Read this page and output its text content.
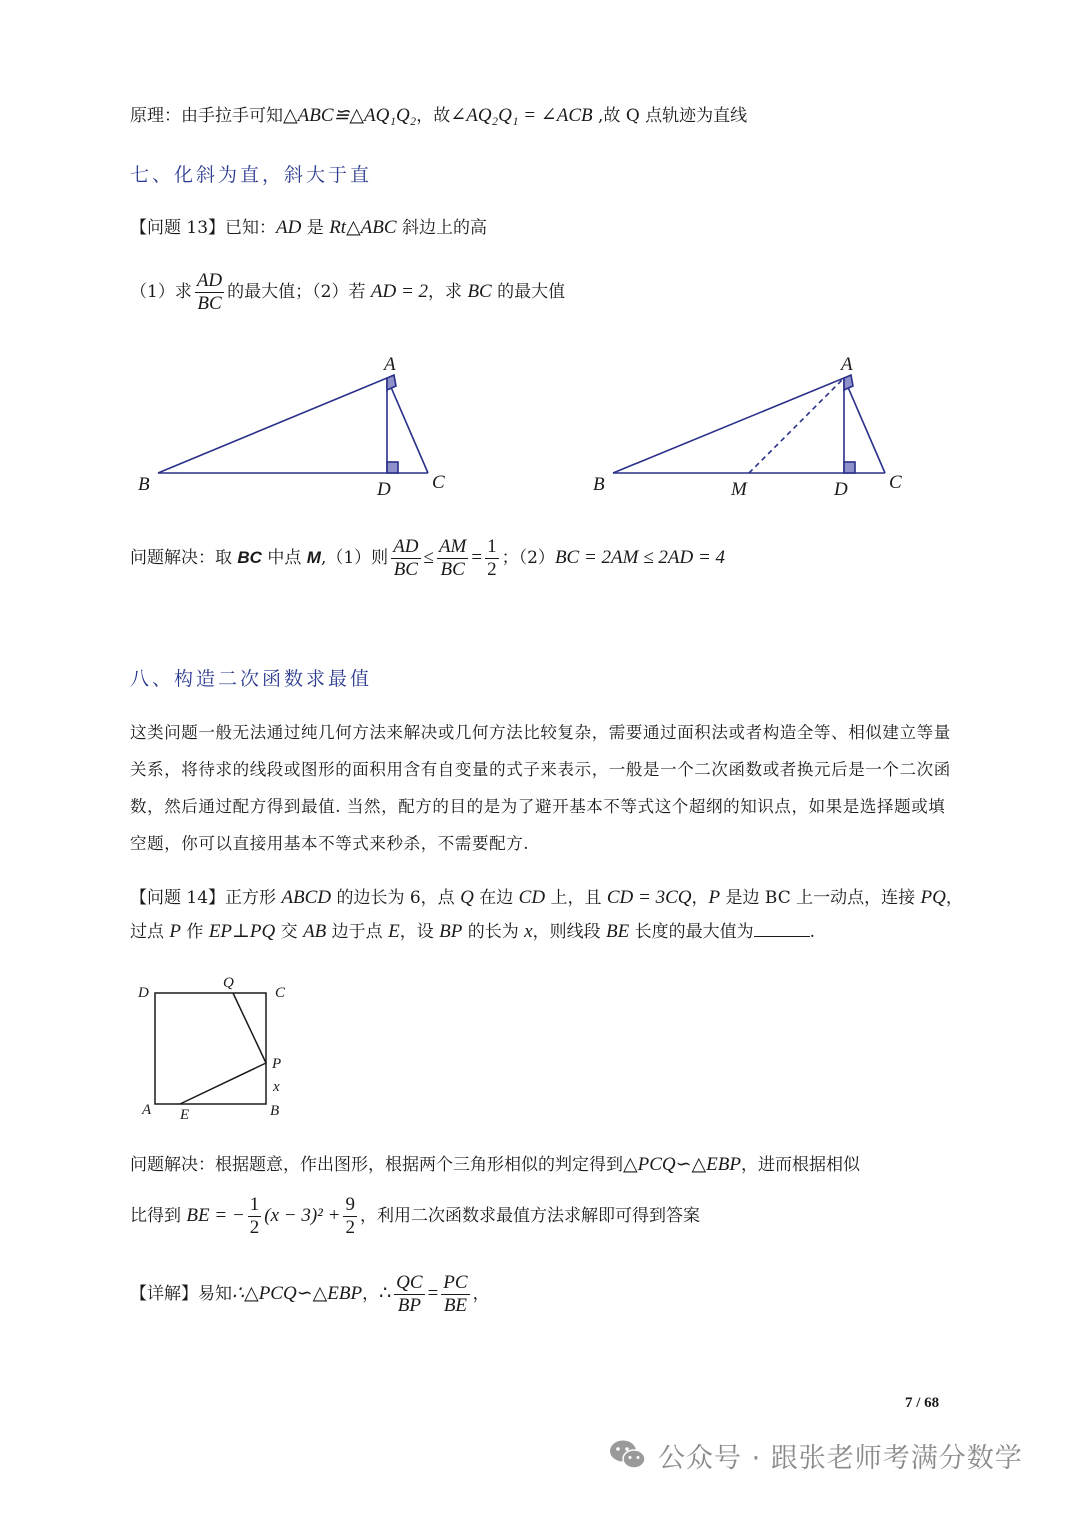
原理：由手拉手可知△ABC≌△AQ₁Q₂，故∠AQ₂Q₁ = ∠ACB ,故 Q 点轨迹为直线
七、化斜为直，斜大于直
【问题 13】已知：AD 是 Rt△ABC 斜边上的高
（1）求 $\frac{AD}{BC}$ 的最大值；（2）若 AD = 2，求 BC 的最大值
A
B	C
D
A
B	C
D
M
问题解决：取 BC 中点 M,（1）则 $\frac{AD}{BC} \le \frac{AM}{BC} = \frac{1}{2}$ ；（2）BC = 2AM ≤ 2AD = 4
八、构造二次函数求最值
这类问题一般无法通过纯几何方法来解决或几何方法比较复杂，需要通过面积法或者构造全等、相似建立等量关系，将待求的线段或图形的面积用含有自变量的式子来表示，一般是一个二次函数或者换元后是一个二次函数，然后通过配方得到最值. 当然，配方的目的是为了避开基本不等式这个超纲的知识点，如果是选择题或填空题，你可以直接用基本不等式来秒杀，不需要配方.
【问题 14】正方形 ABCD 的边长为 6，点 Q 在边 CD 上，且 CD = 3CQ，P 是边 BC 上一动点，连接 PQ，
过点 P 作 EP⊥PQ 交 AB 边于点 E，设 BP 的长为 x，则线段 BE 长度的最大值为	.
D
Q
C
P
x
A E	B
问题解决：根据题意，作出图形，根据两个三角形相似的判定得到△PCQ∽△EBP，进而根据相似
比得到 BE = − $\frac{1}{2} (x - 3)^2 + \frac{9}{2}$ ，利用二次函数求最值方法求解即可得到答案
【详解】易知∴△PCQ∽△EBP，∴ $\frac{QC}{BP} = \frac{PC}{BE}$ ，
7 / 68
公众号 · 跟张老师考满分数学
